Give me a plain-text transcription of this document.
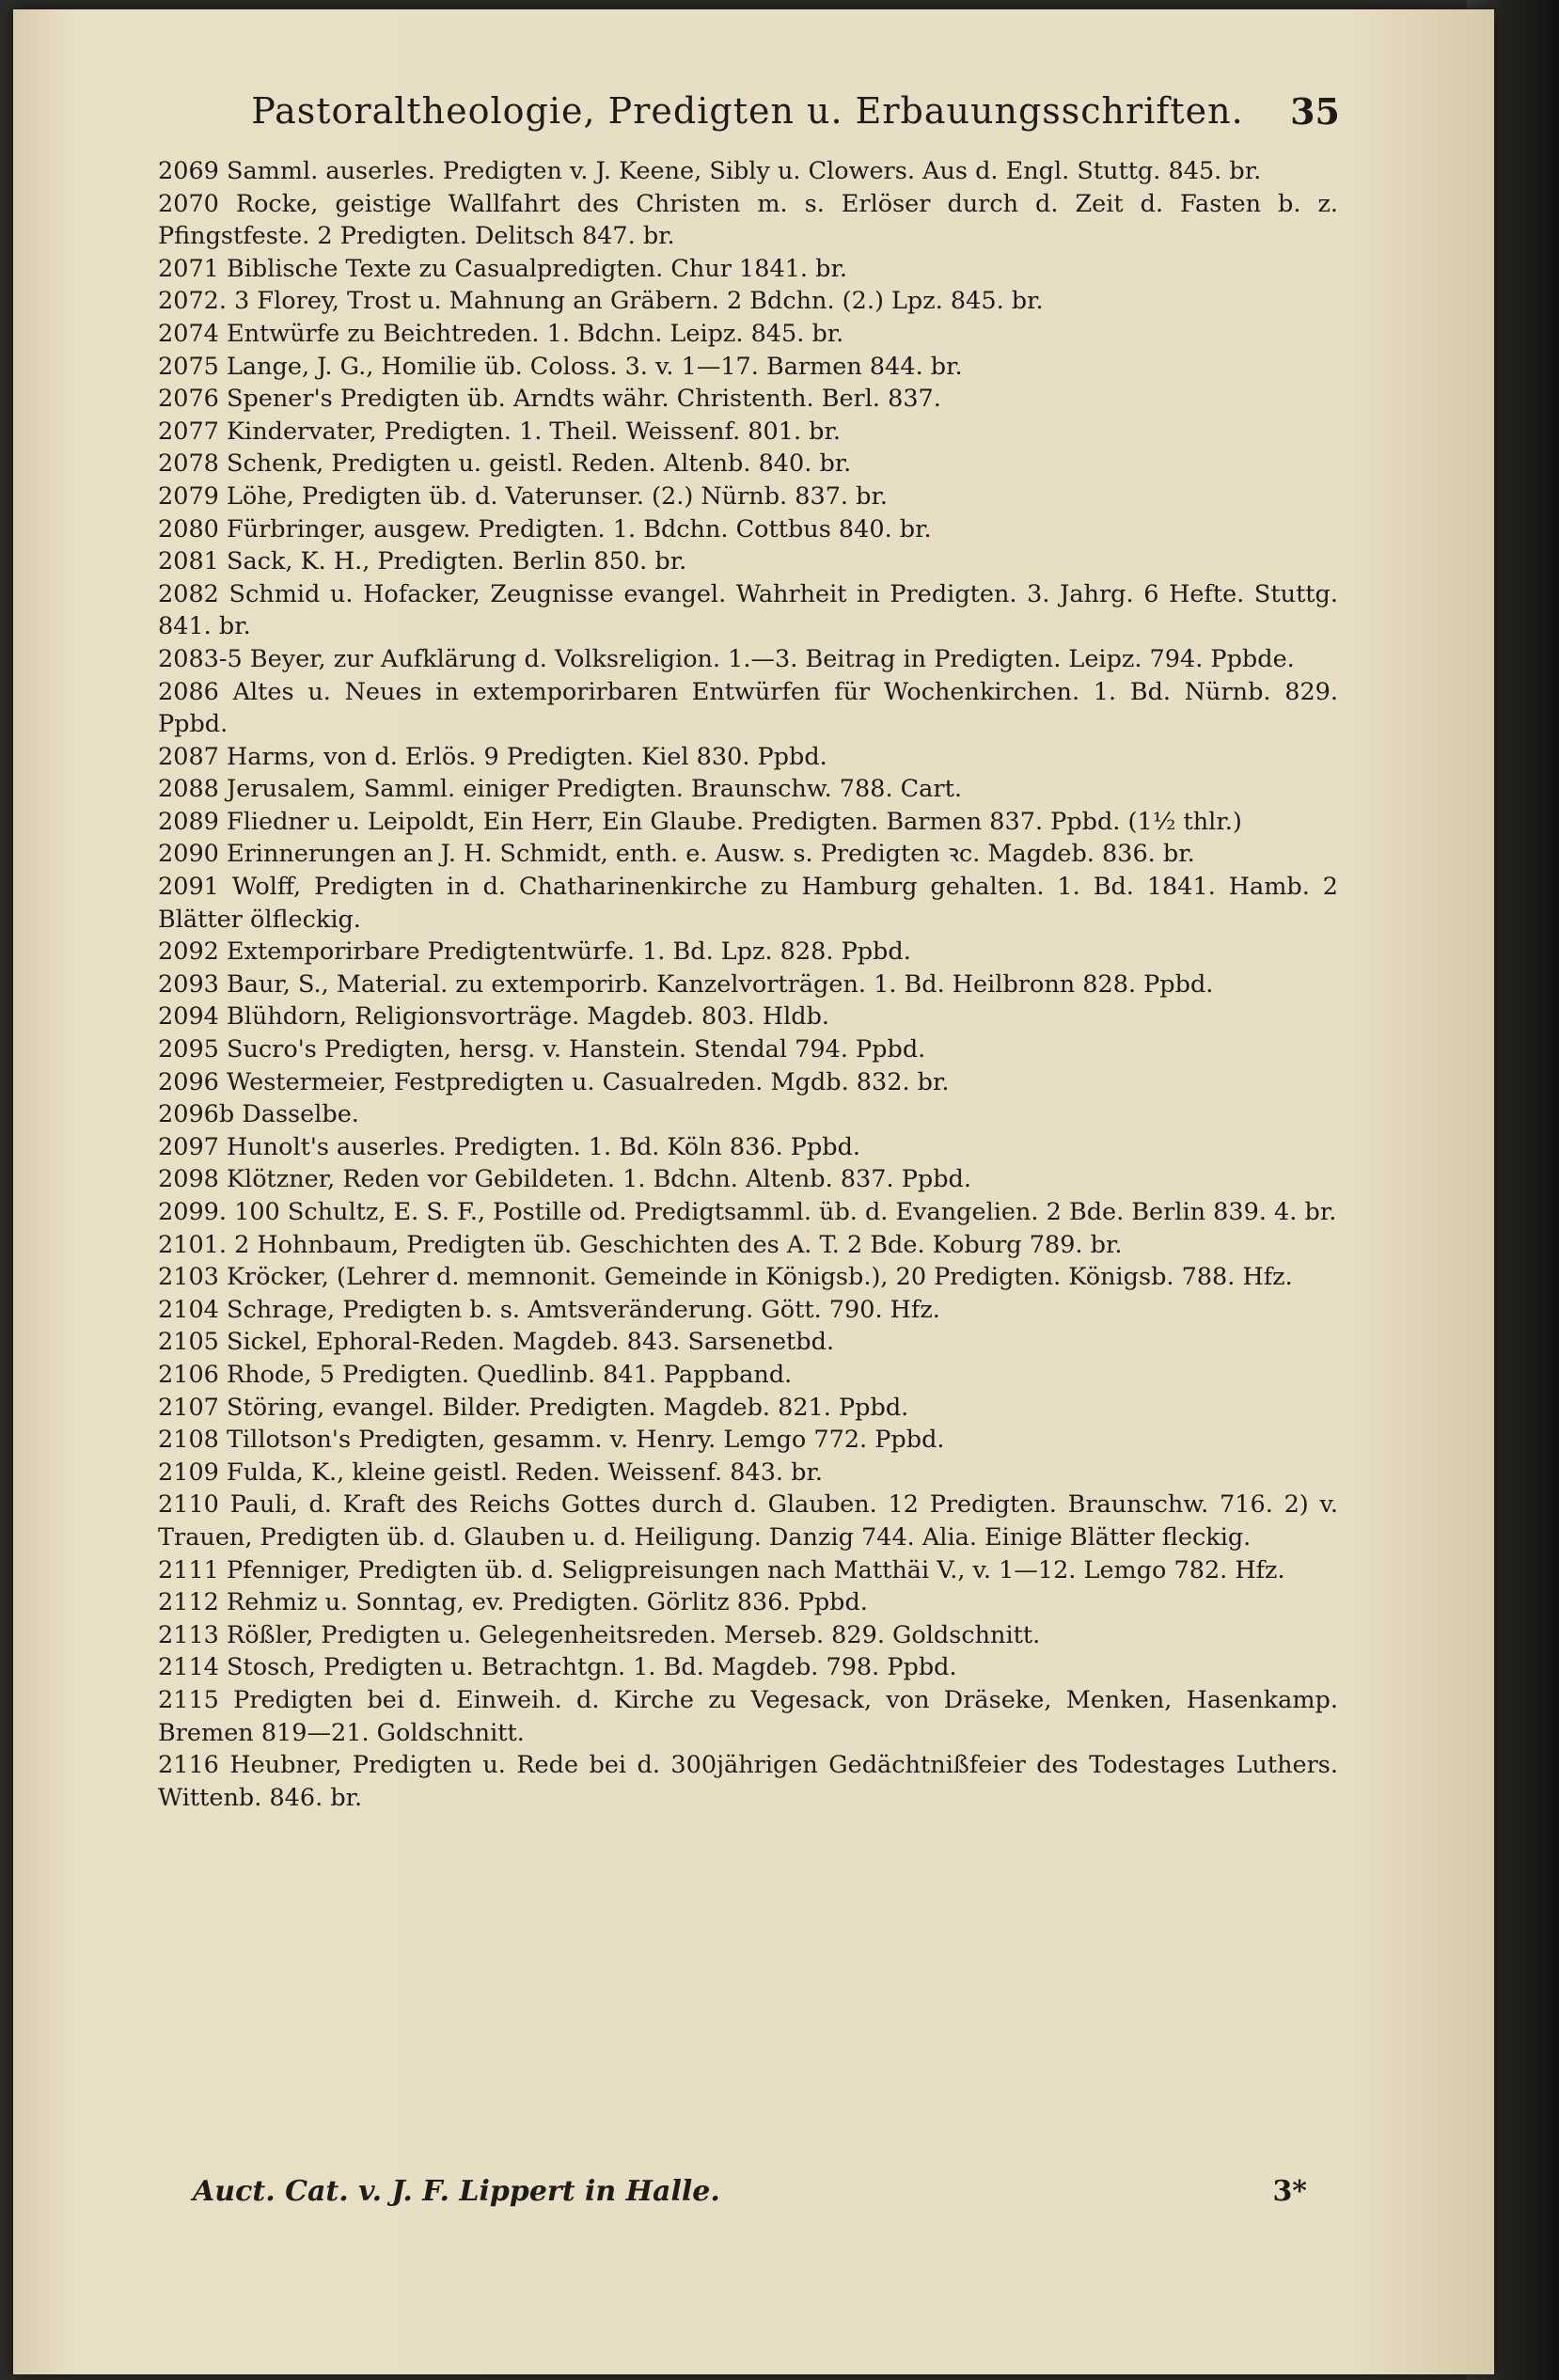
Pastoraltheologie, Predigten u. Erbauungsschriften.	35
2069 Samml. auserles. Predigten v. J. Keene, Sibly u. Clowers. Aus d. Engl. Stuttg. 845. br.
2070 Rocke, geistige Wallfahrt des Christen m. s. Erlöser durch d. Zeit d. Fasten b. z. Pfingstfeste. 2 Predigten. Delitsch 847. br.
2071 Biblische Texte zu Casualpredigten. Chur 1841. br.
2072. 3 Florey, Trost u. Mahnung an Gräbern. 2 Bdchn. (2.) Lpz. 845. br.
2074 Entwürfe zu Beichtreden. 1. Bdchn. Leipz. 845. br.
2075 Lange, J. G., Homilie üb. Coloss. 3. v. 1—17. Barmen 844. br.
2076 Spener's Predigten üb. Arndts währ. Christenth. Berl. 837.
2077 Kindervater, Predigten. 1. Theil. Weissenf. 801. br.
2078 Schenk, Predigten u. geistl. Reden. Altenb. 840. br.
2079 Löhe, Predigten üb. d. Vaterunser. (2.) Nürnb. 837. br.
2080 Fürbringer, ausgew. Predigten. 1. Bdchn. Cottbus 840. br.
2081 Sack, K. H., Predigten. Berlin 850. br.
2082 Schmid u. Hofacker, Zeugnisse evangel. Wahrheit in Predigten. 3. Jahrg. 6 Hefte. Stuttg. 841. br.
2083-5 Beyer, zur Aufklärung d. Volksreligion. 1.—3. Beitrag in Predigten. Leipz. 794. Ppbde.
2086 Altes u. Neues in extemporirbaren Entwürfen für Wochenkirchen. 1. Bd. Nürnb. 829. Ppbd.
2087 Harms, von d. Erlös. 9 Predigten. Kiel 830. Ppbd.
2088 Jerusalem, Samml. einiger Predigten. Braunschw. 788. Cart.
2089 Fliedner u. Leipoldt, Ein Herr, Ein Glaube. Predigten. Barmen 837. Ppbd. (1½ thlr.)
2090 Erinnerungen an J. H. Schmidt, enth. e. Ausw. s. Predigten ꝛc. Magdeb. 836. br.
2091 Wolff, Predigten in d. Chatharinenkirche zu Hamburg gehalten. 1. Bd. 1841. Hamb. 2 Blätter ölfleckig.
2092 Extemporirbare Predigtentwürfe. 1. Bd. Lpz. 828. Ppbd.
2093 Baur, S., Material. zu extemporirb. Kanzelvorträgen. 1. Bd. Heilbronn 828. Ppbd.
2094 Blühdorn, Religionsvorträge. Magdeb. 803. Hldb.
2095 Sucro's Predigten, hersg. v. Hanstein. Stendal 794. Ppbd.
2096 Westermeier, Festpredigten u. Casualreden. Mgdb. 832. br.
2096b Dasselbe.
2097 Hunolt's auserles. Predigten. 1. Bd. Köln 836. Ppbd.
2098 Klötzner, Reden vor Gebildeten. 1. Bdchn. Altenb. 837. Ppbd.
2099. 100 Schultz, E. S. F., Postille od. Predigtsamml. üb. d. Evangelien. 2 Bde. Berlin 839. 4. br.
2101. 2 Hohnbaum, Predigten üb. Geschichten des A. T. 2 Bde. Koburg 789. br.
2103 Kröcker, (Lehrer d. memnonit. Gemeinde in Königsb.), 20 Predigten. Königsb. 788. Hfz.
2104 Schrage, Predigten b. s. Amtsveränderung. Gött. 790. Hfz.
2105 Sickel, Ephoral-Reden. Magdeb. 843. Sarsenetbd.
2106 Rhode, 5 Predigten. Quedlinb. 841. Pappband.
2107 Störing, evangel. Bilder. Predigten. Magdeb. 821. Ppbd.
2108 Tillotson's Predigten, gesamm. v. Henry. Lemgo 772. Ppbd.
2109 Fulda, K., kleine geistl. Reden. Weissenf. 843. br.
2110 Pauli, d. Kraft des Reichs Gottes durch d. Glauben. 12 Predigten. Braunschw. 716. 2) v. Trauen, Predigten üb. d. Glauben u. d. Heiligung. Danzig 744. Alia. Einige Blätter fleckig.
2111 Pfenniger, Predigten üb. d. Seligpreisungen nach Matthäi V., v. 1—12. Lemgo 782. Hfz.
2112 Rehmiz u. Sonntag, ev. Predigten. Görlitz 836. Ppbd.
2113 Rößler, Predigten u. Gelegenheitsreden. Merseb. 829. Goldschnitt.
2114 Stosch, Predigten u. Betrachtgn. 1. Bd. Magdeb. 798. Ppbd.
2115 Predigten bei d. Einweih. d. Kirche zu Vegesack, von Dräseke, Menken, Hasenkamp. Bremen 819—21. Goldschnitt.
2116 Heubner, Predigten u. Rede bei d. 300jährigen Gedächtnißfeier des Todestages Luthers. Wittenb. 846. br.
Auct. Cat. v. J. F. Lippert in Halle.	3*
